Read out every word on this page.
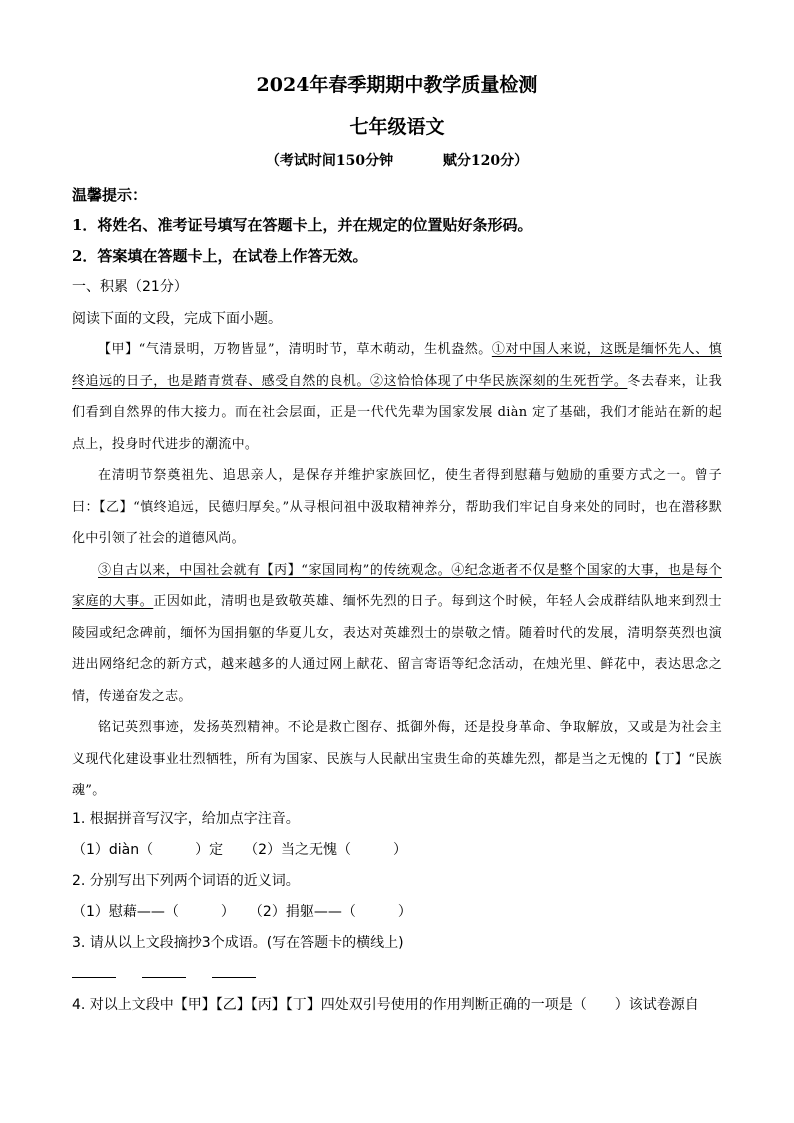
2024年春季期期中教学质量检测
七年级语文
（考试时间150分钟	赋分120分）
温馨提示：
1．将姓名、准考证号填写在答题卡上，并在规定的位置贴好条形码。
2．答案填在答题卡上，在试卷上作答无效。
一、积累（21分）
阅读下面的文段，完成下面小题。

【甲】“气清景明，万物皆显”，清明时节，草木萌动，生机盎然。①对中国人来说，这既是缅怀先人、慎终追远的日子，也是踏青赏春、感受自然的良机。②这恰恰体现了中华民族深刻的生死哲学。冬去春来，让我们看到自然界的伟大接力。而在社会层面，正是一代代先辈为国家发展 diàn 定了基础，我们才能站在新的起点上，投身时代进步的潮流中。

在清明节祭奠祖先、追思亲人，是保存并维护家族回忆，使生者得到慰藉与勉励的重要方式之一。曾子曰：【乙】“慎终追远，民德归厚矣。”从寻根问祖中汲取精神养分，帮助我们牢记自身来处的同时，也在潜移默化中引领了社会的道德风尚。

③自古以来，中国社会就有【丙】“家国同构”的传统观念。④纪念逝者不仅是整个国家的大事，也是每个家庭的大事。正因如此，清明也是致敬英雄、缅怀先烈的日子。每到这个时候，年轻人会成群结队地来到烈士陵园或纪念碑前，缅怀为国捐躯的华夏儿女，表达对英雄烈士的崇敬之情。随着时代的发展，清明祭英烈也演进出网络纪念的新方式，越来越多的人通过网上献花、留言寄语等纪念活动，在烛光里、鲜花中，表达思念之情，传递奋发之志。

铭记英烈事迹，发扬英烈精神。不论是救亡图存、抵御外侮，还是投身革命、争取解放，又或是为社会主义现代化建设事业壮烈牺牲，所有为国家、民族与人民献出宝贵生命的英雄先烈，都是当之无愧的【丁】“民族魂”。

1. 根据拼音写汉字，给加点字注音。
（1）diàn（　　　）定　　（2）当之无愧（　　　）
2. 分别写出下列两个词语的近义词。
（1）慰藉——（　　　）　　（2）捐躯——（　　　）
3. 请从以上文段摘抄3个成语。(写在答题卡的横线上)
4. 对以上文段中【甲】【乙】【丙】【丁】四处双引号使用的作用判断正确的一项是（　　）该试卷源自
